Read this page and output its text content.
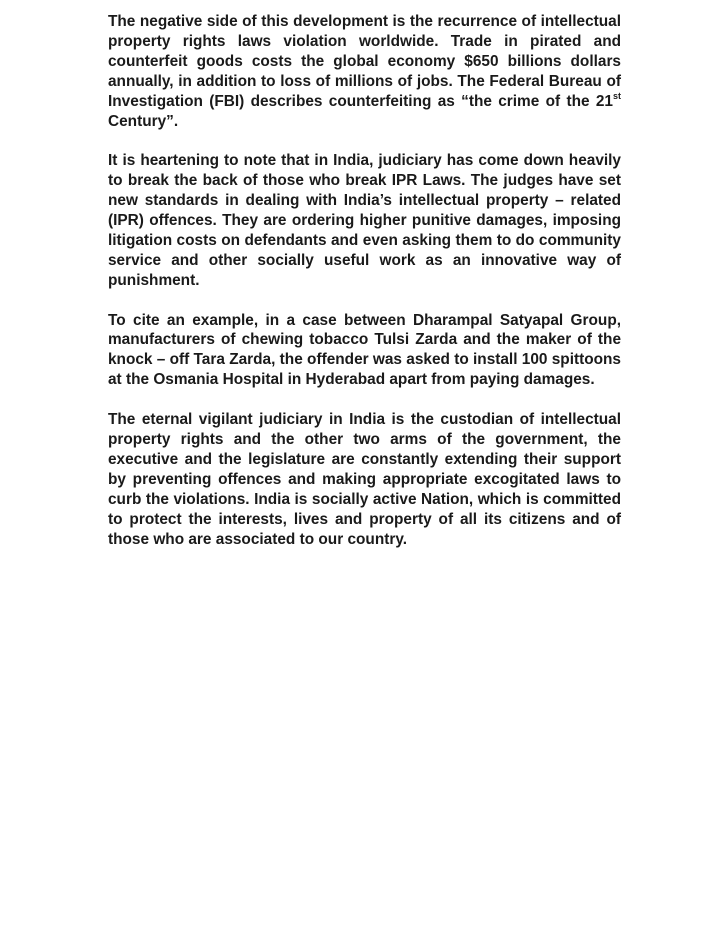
The negative side of this development is the recurrence of intellectual property rights laws violation worldwide. Trade in pirated and counterfeit goods costs the global economy $650 billions dollars annually, in addition to loss of millions of jobs. The Federal Bureau of Investigation (FBI) describes counterfeiting as “the crime of the 21st Century”.

It is heartening to note that in India, judiciary has come down heavily to break the back of those who break IPR Laws. The judges have set new standards in dealing with India’s intellectual property – related (IPR) offences. They are ordering higher punitive damages, imposing litigation costs on defendants and even asking them to do community service and other socially useful work as an innovative way of punishment.

To cite an example, in a case between Dharampal Satyapal Group, manufacturers of chewing tobacco Tulsi Zarda and the maker of the knock – off Tara Zarda, the offender was asked to install 100 spittoons at the Osmania Hospital in Hyderabad apart from paying damages.

The eternal vigilant judiciary in India is the custodian of intellectual property rights and the other two arms of the government, the executive and the legislature are constantly extending their support by preventing offences and making appropriate excogitated laws to curb the violations. India is socially active Nation, which is committed to protect the interests, lives and property of all its citizens and of those who are associated to our country.
